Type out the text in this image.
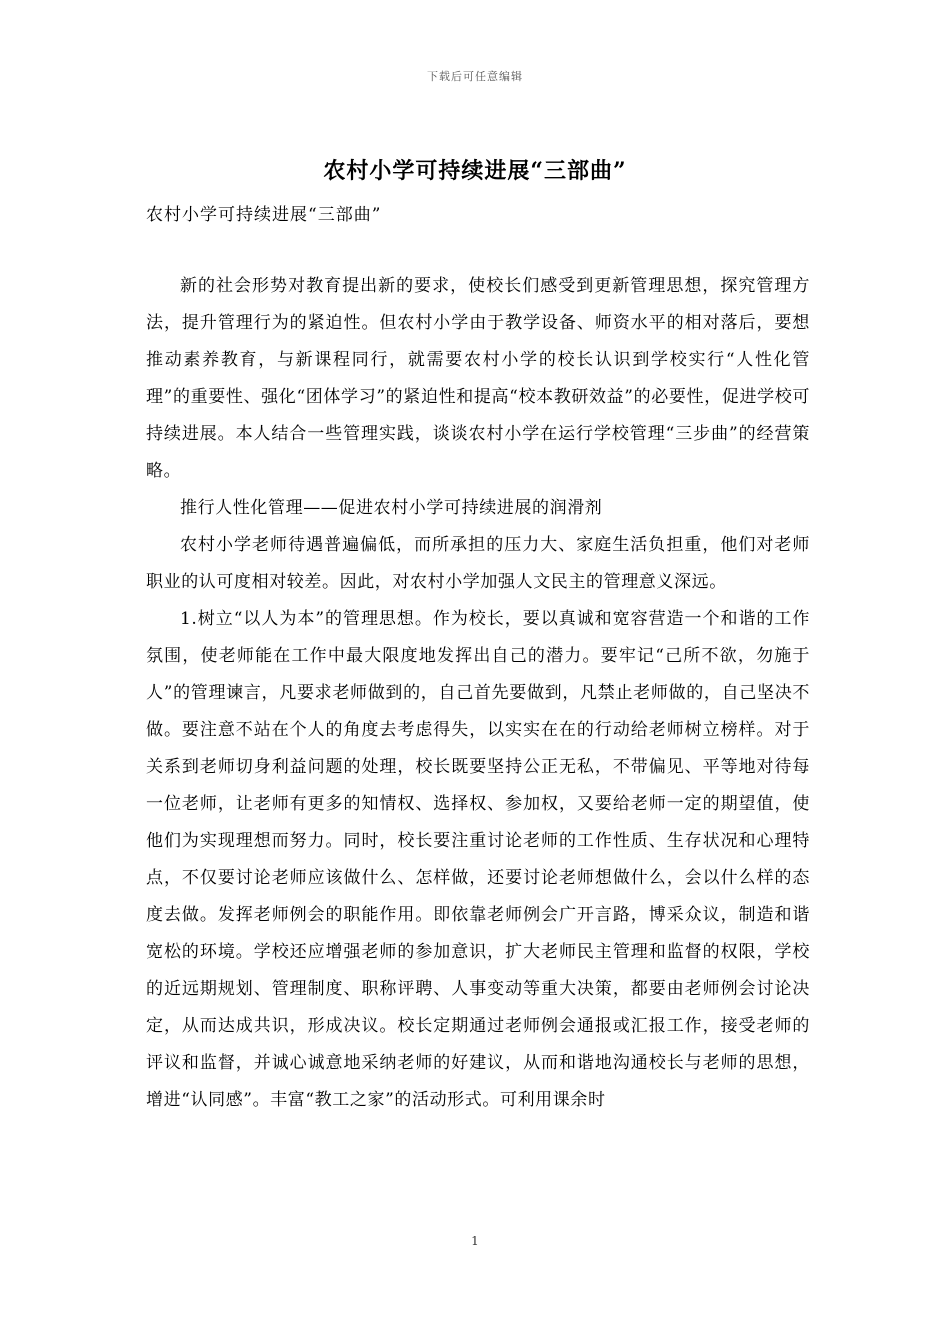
下载后可任意编辑
农村小学可持续进展“三部曲”
农村小学可持续进展“三部曲”

新的社会形势对教育提出新的要求，使校长们感受到更新管理思想，探究管理方法，提升管理行为的紧迫性。但农村小学由于教学设备、师资水平的相对落后，要想推动素养教育，与新课程同行，就需要农村小学的校长认识到学校实行“人性化管理”的重要性、强化“团体学习”的紧迫性和提高“校本教研效益”的必要性，促进学校可持续进展。本人结合一些管理实践，谈谈农村小学在运行学校管理“三步曲”的经营策略。

推行人性化管理——促进农村小学可持续进展的润滑剂

农村小学老师待遇普遍偏低，而所承担的压力大、家庭生活负担重，他们对老师职业的认可度相对较差。因此，对农村小学加强人文民主的管理意义深远。

1.树立“以人为本”的管理思想。作为校长，要以真诚和宽容营造一个和谐的工作氛围，使老师能在工作中最大限度地发挥出自己的潜力。要牢记“己所不欲，勿施于人”的管理谏言，凡要求老师做到的，自己首先要做到，凡禁止老师做的，自己坚决不做。要注意不站在个人的角度去考虑得失，以实实在在的行动给老师树立榜样。对于关系到老师切身利益问题的处理，校长既要坚持公正无私，不带偏见、平等地对待每一位老师，让老师有更多的知情权、选择权、参加权，又要给老师一定的期望值，使他们为实现理想而努力。同时，校长要注重讨论老师的工作性质、生存状况和心理特点，不仅要讨论老师应该做什么、怎样做，还要讨论老师想做什么，会以什么样的态度去做。发挥老师例会的职能作用。即依靠老师例会广开言路，博采众议，制造和谐宽松的环境。学校还应增强老师的参加意识，扩大老师民主管理和监督的权限，学校的近远期规划、管理制度、职称评聘、人事变动等重大决策，都要由老师例会讨论决定，从而达成共识，形成决议。校长定期通过老师例会通报或汇报工作，接受老师的评议和监督，并诚心诚意地采纳老师的好建议，从而和谐地沟通校长与老师的思想，增进“认同感”。丰富“教工之家”的活动形式。可利用课余时

1
